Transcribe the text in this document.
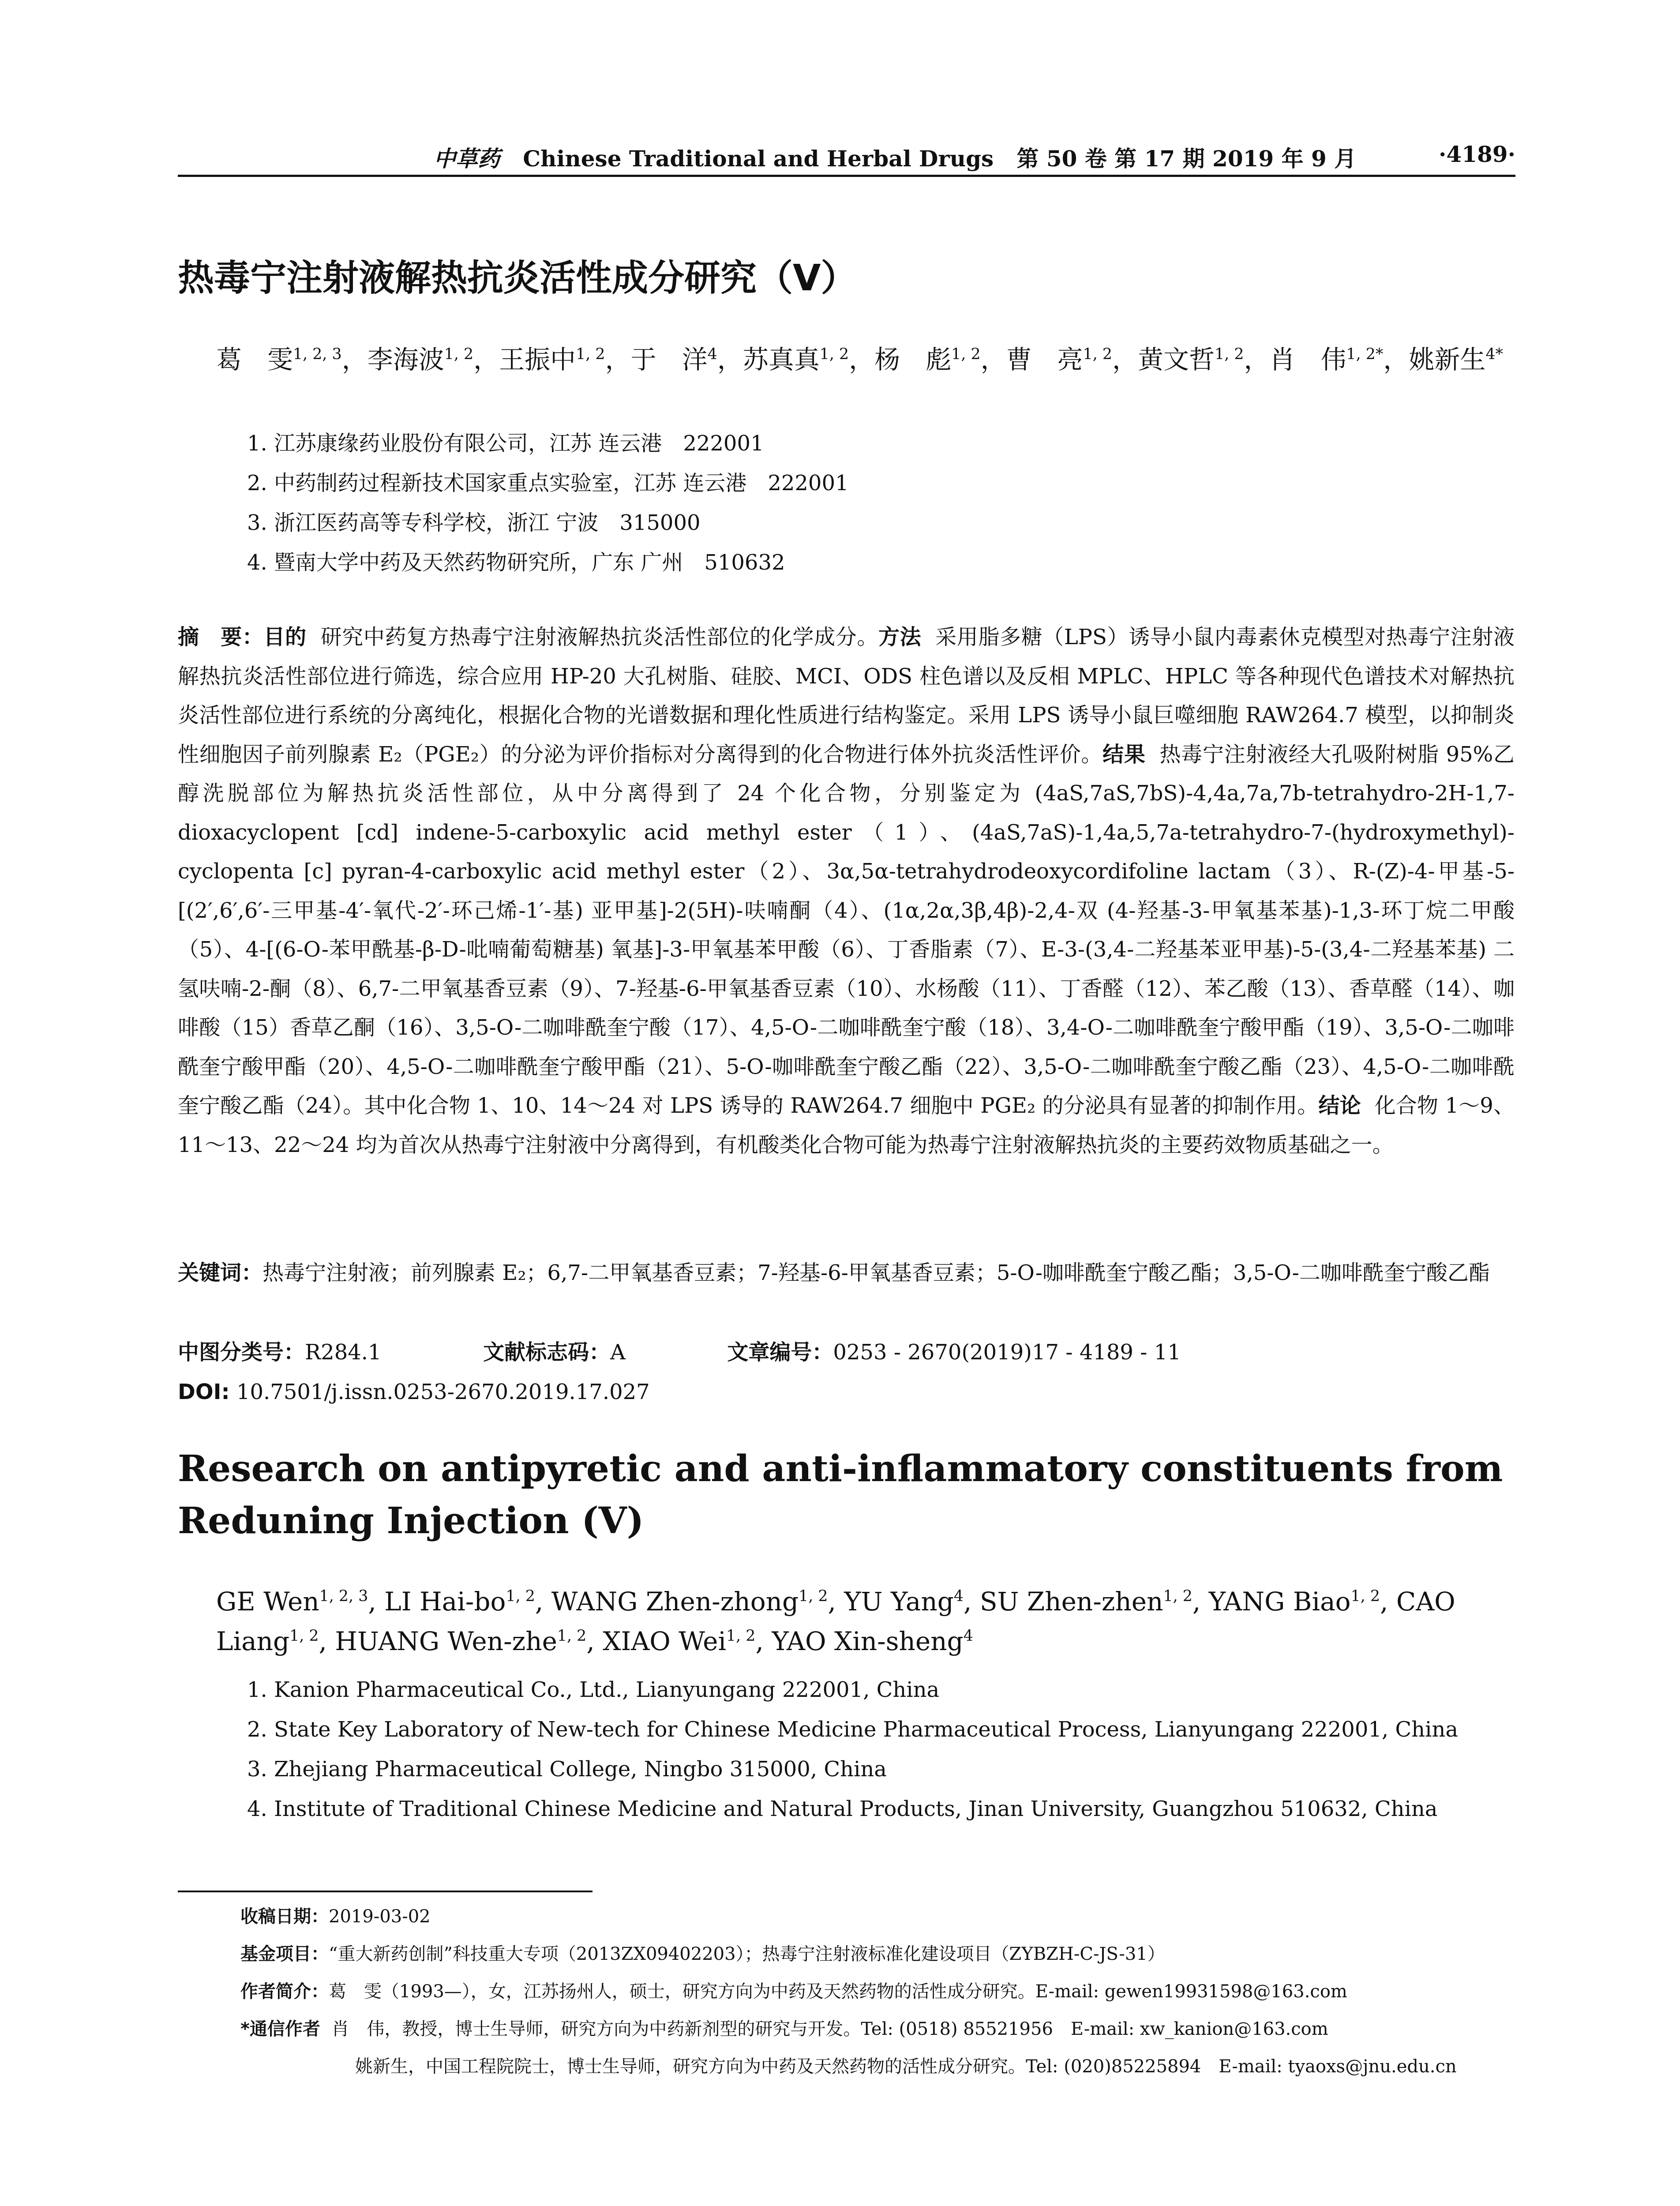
中草药 Chinese Traditional and Herbal Drugs 第 50 卷 第 17 期 2019 年 9 月	·4189·
热毒宁注射液解热抗炎活性成分研究（V）
葛　雯$^{1, 2, 3}$，李海波$^{1, 2}$，王振中$^{1, 2}$，于　洋$^4$，苏真真$^{1, 2}$，杨　彪$^{1, 2}$，曹　亮$^{1, 2}$，黄文哲$^{1, 2}$，肖　伟$^{1, 2*}$，姚新生$^{4*}$
1. 江苏康缘药业股份有限公司，江苏 连云港　222001
2. 中药制药过程新技术国家重点实验室，江苏 连云港　222001
3. 浙江医药高等专科学校，浙江 宁波　315000
4. 暨南大学中药及天然药物研究所，广东 广州　510632
摘　要：目的 研究中药复方热毒宁注射液解热抗炎活性部位的化学成分。方法 采用脂多糖（LPS）诱导小鼠内毒素休克模型对热毒宁注射液解热抗炎活性部位进行筛选，综合应用 HP-20 大孔树脂、硅胶、MCI、ODS 柱色谱以及反相 MPLC、HPLC 等各种现代色谱技术对解热抗炎活性部位进行系统的分离纯化，根据化合物的光谱数据和理化性质进行结构鉴定。采用 LPS 诱导小鼠巨噬细胞 RAW264.7 模型，以抑制炎性细胞因子前列腺素 E₂（PGE₂）的分泌为评价指标对分离得到的化合物进行体外抗炎活性评价。结果 热毒宁注射液经大孔吸附树脂 95%乙醇洗脱部位为解热抗炎活性部位，从中分离得到了 24 个化合物，分别鉴定为 (4aS,7aS,7bS)-4,4a,7a,7b-tetrahydro-2H-1,7-dioxacyclopent [cd] indene-5-carboxylic acid methyl ester（1）、(4aS,7aS)-1,4a,5,7a-tetrahydro-7-(hydroxymethyl)-cyclopenta [c] pyran-4-carboxylic acid methyl ester（2）、3α,5α-tetrahydrodeoxycordifoline lactam（3）、R-(Z)-4-甲基-5-[(2′,6′,6′-三甲基-4′-氧代-2′-环己烯-1′-基) 亚甲基]-2(5H)-呋喃酮（4）、(1α,2α,3β,4β)-2,4-双 (4-羟基-3-甲氧基苯基)-1,3-环丁烷二甲酸（5）、4-[(6-O-苯甲酰基-β-D-吡喃葡萄糖基) 氧基]-3-甲氧基苯甲酸（6）、丁香脂素（7）、E-3-(3,4-二羟基苯亚甲基)-5-(3,4-二羟基苯基) 二氢呋喃-2-酮（8）、6,7-二甲氧基香豆素（9）、7-羟基-6-甲氧基香豆素（10）、水杨酸（11）、丁香醛（12）、苯乙酸（13）、香草醛（14）、咖啡酸（15）香草乙酮（16）、3,5-O-二咖啡酰奎宁酸（17）、4,5-O-二咖啡酰奎宁酸（18）、3,4-O-二咖啡酰奎宁酸甲酯（19）、3,5-O-二咖啡酰奎宁酸甲酯（20）、4,5-O-二咖啡酰奎宁酸甲酯（21）、5-O-咖啡酰奎宁酸乙酯（22）、3,5-O-二咖啡酰奎宁酸乙酯（23）、4,5-O-二咖啡酰奎宁酸乙酯（24）。其中化合物 1、10、14～24 对 LPS 诱导的 RAW264.7 细胞中 PGE₂ 的分泌具有显著的抑制作用。结论 化合物 1～9、11～13、22～24 均为首次从热毒宁注射液中分离得到，有机酸类化合物可能为热毒宁注射液解热抗炎的主要药效物质基础之一。
关键词：热毒宁注射液；前列腺素 E₂；6,7-二甲氧基香豆素；7-羟基-6-甲氧基香豆素；5-O-咖啡酰奎宁酸乙酯；3,5-O-二咖啡酰奎宁酸乙酯
中图分类号：R284.1	文献标志码：A	文章编号：0253 - 2670(2019)17 - 4189 - 11
DOI: 10.7501/j.issn.0253-2670.2019.17.027
Research on antipyretic and anti-inflammatory constituents from Reduning Injection (V)
GE Wen$^{1, 2, 3}$, LI Hai-bo$^{1, 2}$, WANG Zhen-zhong$^{1, 2}$, YU Yang$^4$, SU Zhen-zhen$^{1, 2}$, YANG Biao$^{1, 2}$, CAO Liang$^{1, 2}$, HUANG Wen-zhe$^{1, 2}$, XIAO Wei$^{1, 2}$, YAO Xin-sheng$^4$
1. Kanion Pharmaceutical Co., Ltd., Lianyungang 222001, China
2. State Key Laboratory of New-tech for Chinese Medicine Pharmaceutical Process, Lianyungang 222001, China
3. Zhejiang Pharmaceutical College, Ningbo 315000, China
4. Institute of Traditional Chinese Medicine and Natural Products, Jinan University, Guangzhou 510632, China
收稿日期：2019-03-02
基金项目：“重大新药创制”科技重大专项（2013ZX09402203）；热毒宁注射液标准化建设项目（ZYBZH-C-JS-31）
作者简介：葛　雯（1993—），女，江苏扬州人，硕士，研究方向为中药及天然药物的活性成分研究。E-mail: gewen19931598@163.com
*通信作者 肖　伟，教授，博士生导师，研究方向为中药新剂型的研究与开发。Tel: (0518) 85521956　E-mail: xw_kanion@163.com
姚新生，中国工程院院士，博士生导师，研究方向为中药及天然药物的活性成分研究。Tel: (020)85225894　E-mail: tyaoxs@jnu.edu.cn
